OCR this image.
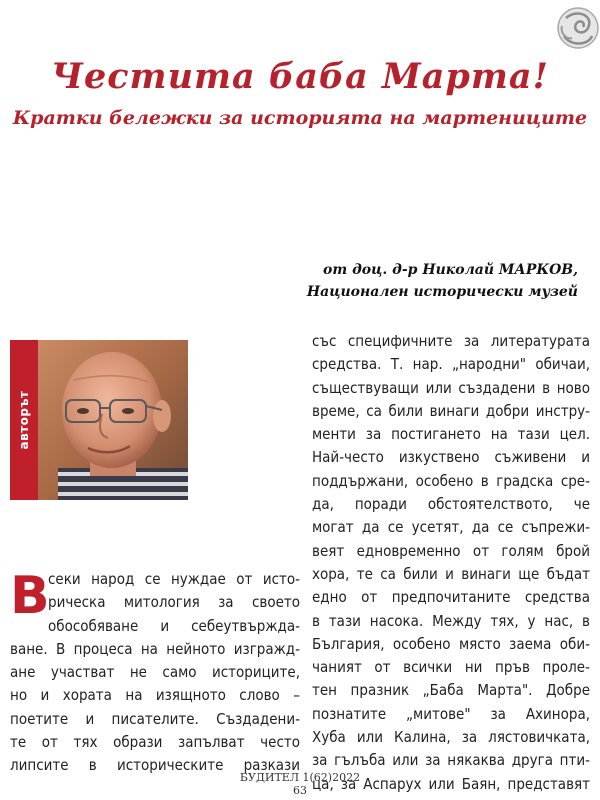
Честита баба Марта!
Кратки бележки за историята на мартениците
от доц. д-р Николай МАРКОВ,
Национален исторически музей
авторът
В
секи народ се нуждае от исто-
рическа митология за своето
обособяване и себеутвържда-
ване. В процеса на нейното изгражд-
ане участват не само историците,
но и хората на изящното слово –
поетите и писателите. Създадени-
те от тях образи запълват често
липсите в историческите разкази
със специфичните за литературата
средства. Т. нар. „народни" обичаи,
съществуващи или създадени в ново
време, са били винаги добри инстру-
менти за постигането на тази цел.
Най-често изкуствено съживени и
поддържани, особено в градска сре-
да, поради обстоятелството, че
могат да се усетят, да се съпрежи-
веят едновременно от голям брой
хора, те са били и винаги ще бъдат
едно от предпочитаните средства
в тази насока. Между тях, у нас, в
България, особено място заема оби-
чаният от всички ни пръв проле-
тен празник „Баба Марта". Добре
познатите „митове" за Ахинора,
Хуба или Калина, за лястовичката,
за гълъба или за някаква друга пти-
ца, за Аспарух или Баян, представят
БУДИТЕЛ 1(62)2022
63
